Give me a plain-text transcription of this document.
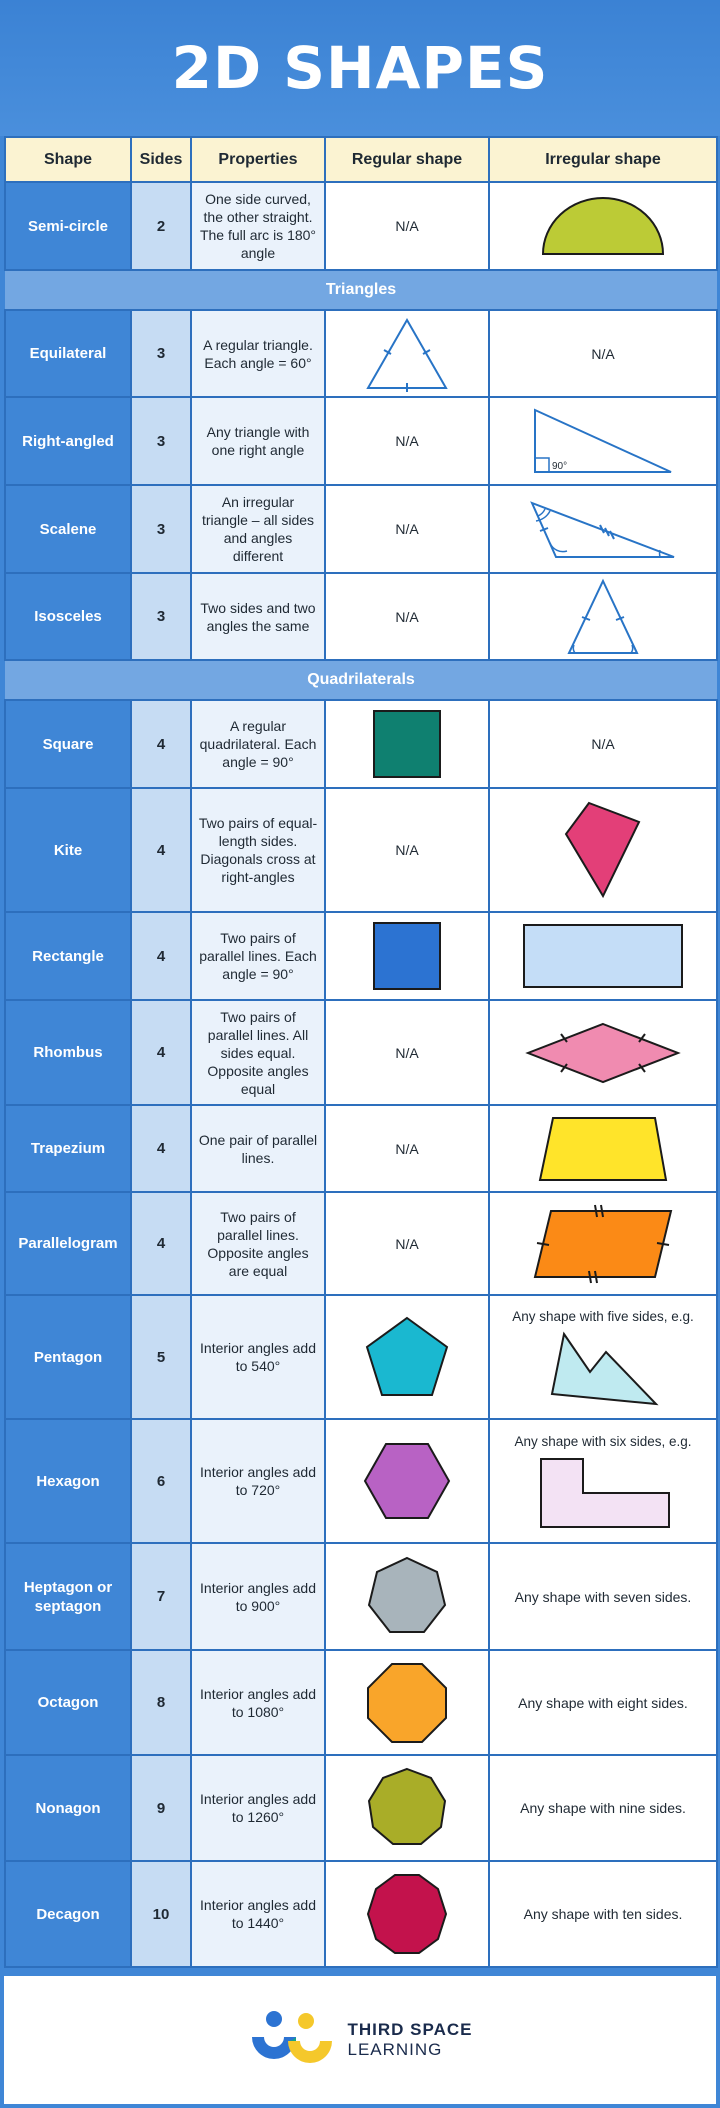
2D SHAPES
Shape	Sides	Properties	Regular shape	Irregular shape
Semi-circle	2	One side curved, the other straight. The full arc is 180° angle	N/A	

Triangles				
Equilateral	3	A regular triangle. Each angle = 60°		N/A
Right-angled	3	Any triangle with one right angle	N/A	90°

Scalene	3	An irregular triangle – all sides and angles different	N/A	

Isosceles	3	Two sides and two angles the same	N/A	

Quadrilaterals				
Square	4	A regular quadrilateral. Each angle = 90°		N/A
Kite	4	Two pairs of equal-length sides. Diagonals cross at right-angles	N/A	

Rectangle	4	Two pairs of parallel lines. Each angle = 90°	

Rhombus	4	Two pairs of parallel lines. All sides equal. Opposite angles equal	N/A	

Trapezium	4	One pair of parallel lines.	N/A	

Parallelogram	4	Two pairs of parallel lines. Opposite angles are equal	N/A	

Pentagon	5	Interior angles add to 540°		Any shape with five sides, e.g.

Hexagon	6	Interior angles add to 720°		Any shape with six sides, e.g.

Heptagon or septagon	7	Interior angles add to 900°		Any shape with seven sides.
Octagon	8	Interior angles add to 1080°		Any shape with eight sides.
Nonagon	9	Interior angles add to 1260°		Any shape with nine sides.
Decagon	10	Interior angles add to 1440°		Any shape with ten sides.
THIRD SPACE
LEARNING
